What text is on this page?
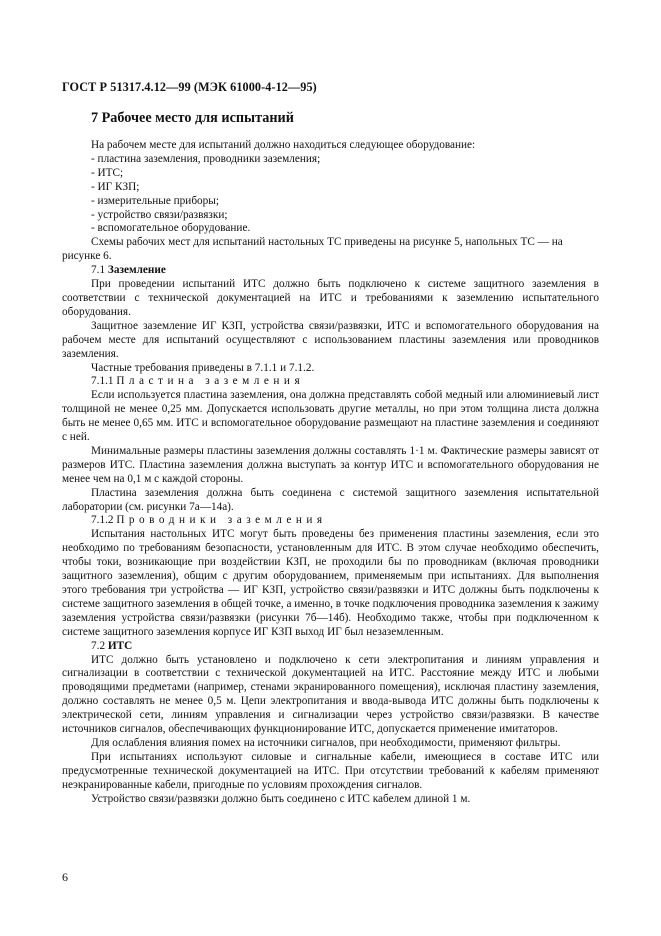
ГОСТ Р 51317.4.12—99 (МЭК 61000-4-12—95)
7 Рабочее место для испытаний

На рабочем месте для испытаний должно находиться следующее оборудование:

- пластина заземления, проводники заземления;

- ИТС;

- ИГ КЗП;

- измерительные приборы;

- устройство связи/развязки;

- вспомогательное оборудование.

Схемы рабочих мест для испытаний настольных ТС приведены на рисунке 5, напольных ТС — на

рисунке 6.

7.1 Заземление

При проведении испытаний ИТС должно быть подключено к системе защитного заземления в соответствии с технической документацией на ИТС и требованиями к заземлению испытательного оборудования.

Защитное заземление ИГ КЗП, устройства связи/развязки, ИТС и вспомогательного оборудования на рабочем месте для испытаний осуществляют с использованием пластины заземления или проводников заземления.

Частные требования приведены в 7.1.1 и 7.1.2.

7.1.1 Пластина заземления

Если используется пластина заземления, она должна представлять собой медный или алюминиевый лист толщиной не менее 0,25 мм. Допускается использовать другие металлы, но при этом толщина листа должна быть не менее 0,65 мм. ИТС и вспомогательное оборудование размещают на пластине заземления и соединяют с ней.

Минимальные размеры пластины заземления должны составлять 1·1 м. Фактические размеры зависят от размеров ИТС. Пластина заземления должна выступать за контур ИТС и вспомогательного оборудования не менее чем на 0,1 м с каждой стороны.

Пластина заземления должна быть соединена с системой защитного заземления испытательной лаборатории (см. рисунки 7а—14а).

7.1.2 Проводники заземления

Испытания настольных ИТС могут быть проведены без применения пластины заземления, если это необходимо по требованиям безопасности, установленным для ИТС. В этом случае необходимо обеспечить, чтобы токи, возникающие при воздействии КЗП, не проходили бы по проводникам (включая проводники защитного заземления), общим с другим оборудованием, применяемым при испытаниях. Для выполнения этого требования три устройства — ИГ КЗП, устройство связи/развязки и ИТС должны быть подключены к системе защитного заземления в общей точке, а именно, в точке подключения проводника заземления к зажиму заземления устройства связи/развязки (рисунки 7б—14б). Необходимо также, чтобы при подключенном к системе защитного заземления корпусе ИГ КЗП выход ИГ был незаземленным.

7.2 ИТС

ИТС должно быть установлено и подключено к сети электропитания и линиям управления и сигнализации в соответствии с технической документацией на ИТС. Расстояние между ИТС и любыми проводящими предметами (например, стенами экранированного помещения), исключая пластину заземления, должно составлять не менее 0,5 м. Цепи электропитания и ввода-вывода ИТС должны быть подключены к электрической сети, линиям управления и сигнализации через устройство связи/развязки. В качестве источников сигналов, обеспечивающих функционирование ИТС, допускается применение имитаторов.

Для ослабления влияния помех на источники сигналов, при необходимости, применяют фильтры.

При испытаниях используют силовые и сигнальные кабели, имеющиеся в составе ИТС или предусмотренные технической документацией на ИТС. При отсутствии требований к кабелям применяют неэкранированные кабели, пригодные по условиям прохождения сигналов.

Устройство связи/развязки должно быть соединено с ИТС кабелем длиной 1 м.

6
